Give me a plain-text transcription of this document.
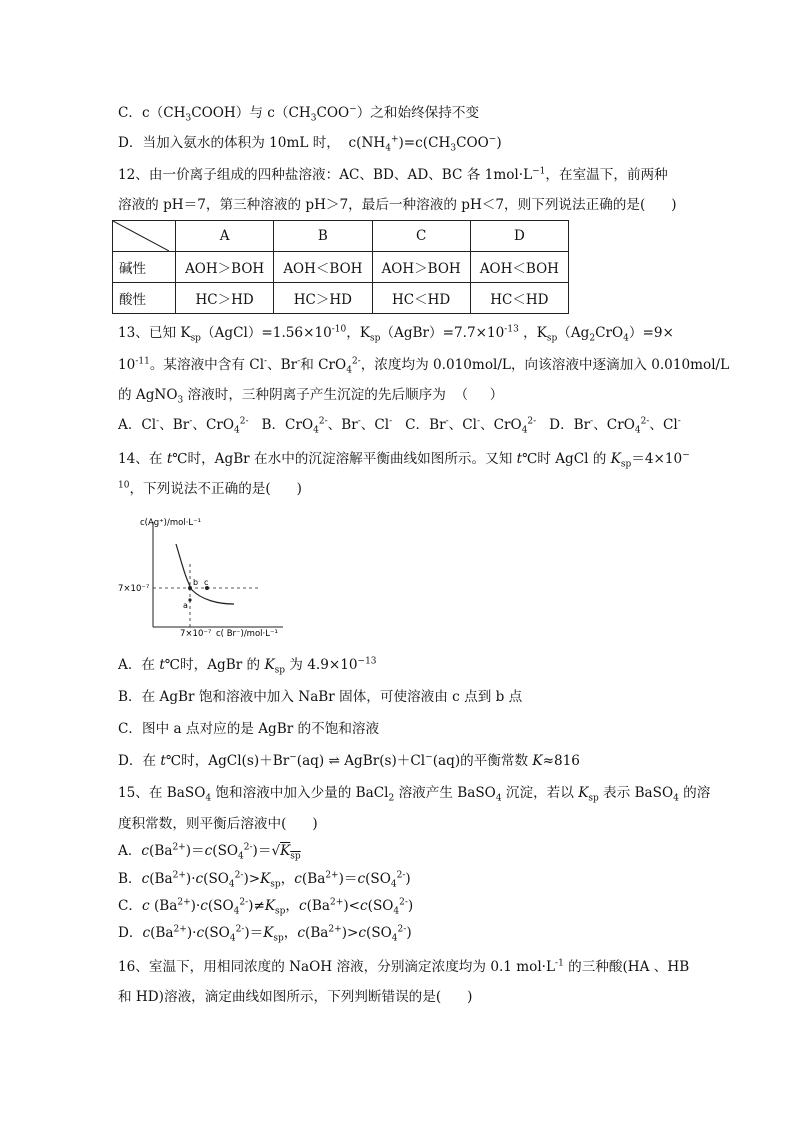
C．$c(CH_3COOH)$与 $c(CH_3COO^-)$之和始终保持不变
D．当加入氨水的体积为 10mL 时，  $c(NH_4^+)=c(CH_3COO^-)$
12、由一价离子组成的四种盐溶液：AC、BD、AD、BC 各 $1mol\cdot L^{-1}$，在室温下，前两种
溶液的 pH＝7，第三种溶液的 pH＞7，最后一种溶液的 pH＜7，则下列说法正确的是(      )
	A	B	C	D
碱性	AOH＞BOH	AOH＜BOH	AOH＞BOH	AOH＜BOH
酸性	HC＞HD	HC＞HD	HC＜HD	HC＜HD
13、已知 $K_{sp}(AgCl)=1.56\times 10^{-10}$，$K_{sp}(AgBr)=7.7\times 10^{-13}$ ，$K_{sp}(Ag_2CrO_4)=9\times$
$10^{-11}$。某溶液中含有 Cl-、Br-和 CrO$_4^{2-}$，浓度均为 0.010mol/L，向该溶液中逐滴加入 0.010mol/L
的 AgNO$_3$ 溶液时，三种阴离子产生沉淀的先后顺序为  （     ）
A．Cl-、Br-、CrO$_4^{2-}$   B．CrO$_4^{2-}$、Br-、Cl-   C．Br-、Cl-、CrO$_4^{2-}$   D．Br-、CrO$_4^{2-}$、Cl-
14、在 t℃时，AgBr 在水中的沉淀溶解平衡曲线如图所示。又知 t℃时 AgCl 的 $K_{sp}=4\times 10^-$
$^{10}$，下列说法不正确的是(      )
c(Ag⁺)/mol·L⁻¹
7×10⁻⁷
7×10⁻⁷ c( Br⁻)/mol·L⁻¹
b c
a
A．在 t℃时，AgBr 的 $K_{sp}$ 为 $4.9\times 10^{-13}$
B．在 AgBr 饱和溶液中加入 NaBr 固体，可使溶液由 c 点到 b 点
C．图中 a 点对应的是 AgBr 的不饱和溶液
D．在 t℃时，AgCl(s)＋Br−(aq) ⇌ AgBr(s)＋Cl−(aq)的平衡常数 K≈816
15、在 BaSO$_4$ 饱和溶液中加入少量的 BaCl$_2$ 溶液产生 BaSO$_4$ 沉淀，若以 $K_{sp}$ 表示 BaSO$_4$ 的溶
度积常数，则平衡后溶液中(      )
A．$c(Ba^{2+})=c(SO_4^{2-})=√K_{sp}$
B．$c(Ba^{2+})\cdot c(SO_4^{2-})>K_{sp}$，$c(Ba^{2+})=c(SO_4^{2-})$
C．c $(Ba^{2+})\cdot c(SO_4^{2-})\ne K_{sp}$，$c(Ba^{2+})<c(SO_4^{2-})$
D．$c(Ba^{2+})\cdot c(SO_4^{2-})=K_{sp}$，$c(Ba^{2+})>c(SO_4^{2-})$
16、室温下，用相同浓度的 NaOH 溶液，分别滴定浓度均为 0.1 $mol\cdot L^{-1}$ 的三种酸(HA 、HB
和 HD)溶液，滴定曲线如图所示，下列判断错误的是(      )
